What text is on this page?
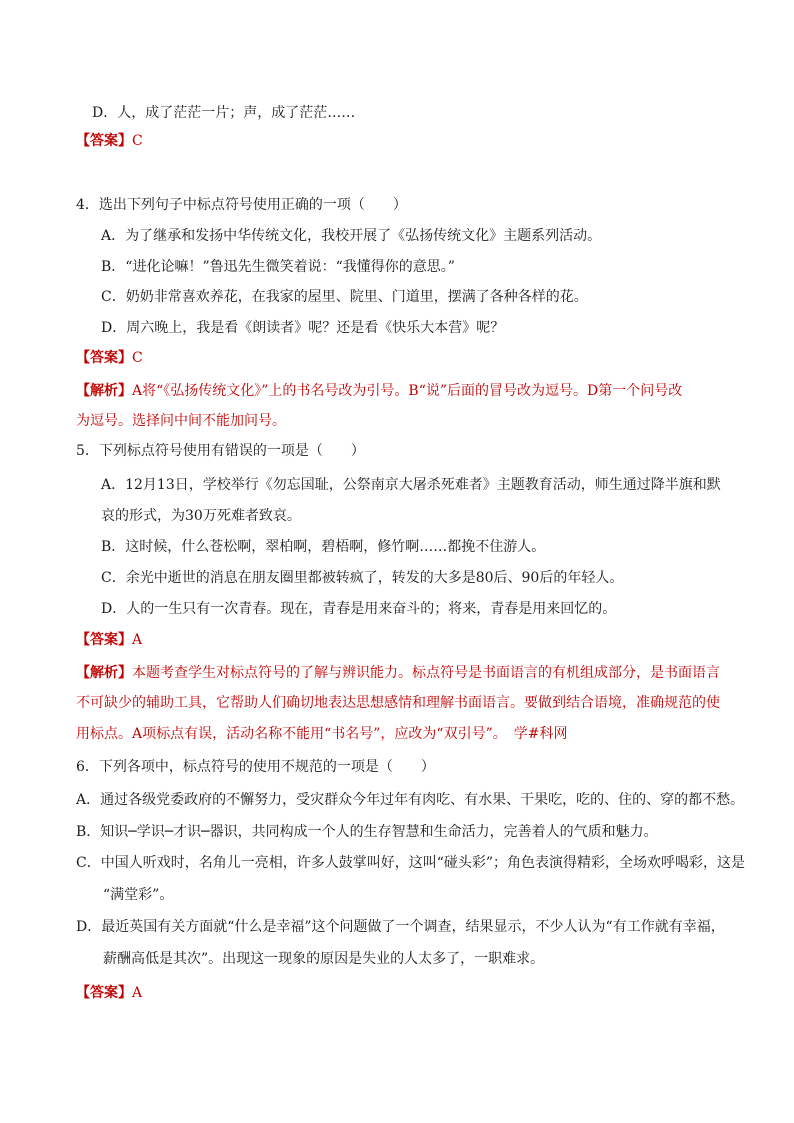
D．人，成了茫茫一片；声，成了茫茫……
【答案】C
4．选出下列句子中标点符号使用正确的一项（　　）
A．为了继承和发扬中华传统文化，我校开展了《弘扬传统文化》主题系列活动。
B．“进化论嘛！”鲁迅先生微笑着说：“我懂得你的意思。”
C．奶奶非常喜欢养花，在我家的屋里、院里、门道里，摆满了各种各样的花。
D．周六晚上，我是看《朗读者》呢？还是看《快乐大本营》呢？
【答案】C
【解析】A将“《弘扬传统文化》”上的书名号改为引号。B“说”后面的冒号改为逗号。D第一个问号改
为逗号。选择问中间不能加问号。
5．下列标点符号使用有错误的一项是（　　）
A．12月13日，学校举行《勿忘国耻，公祭南京大屠杀死难者》主题教育活动，师生通过降半旗和默
哀的形式，为30万死难者致哀。
B．这时候，什么苍松啊，翠柏啊，碧梧啊，修竹啊……都挽不住游人。
C．余光中逝世的消息在朋友圈里都被转疯了，转发的大多是80后、90后的年轻人。
D．人的一生只有一次青春。现在，青春是用来奋斗的；将来，青春是用来回忆的。
【答案】A
【解析】本题考查学生对标点符号的了解与辨识能力。标点符号是书面语言的有机组成部分，是书面语言
不可缺少的辅助工具，它帮助人们确切地表达思想感情和理解书面语言。要做到结合语境，准确规范的使
用标点。A项标点有误，活动名称不能用“书名号”，应改为“双引号”。　学#科网
6．下列各项中，标点符号的使用不规范的一项是（　　）
A．通过各级党委政府的不懈努力，受灾群众今年过年有肉吃、有水果、干果吃，吃的、住的、穿的都不愁。
B．知识─学识─才识─器识，共同构成一个人的生存智慧和生命活力，完善着人的气质和魅力。
C．中国人听戏时，名角儿一亮相，许多人鼓掌叫好，这叫“碰头彩”；角色表演得精彩，全场欢呼喝彩，这是
“满堂彩”。
D．最近英国有关方面就“什么是幸福”这个问题做了一个调查，结果显示，不少人认为“有工作就有幸福，
薪酬高低是其次”。出现这一现象的原因是失业的人太多了，一职难求。
【答案】A
